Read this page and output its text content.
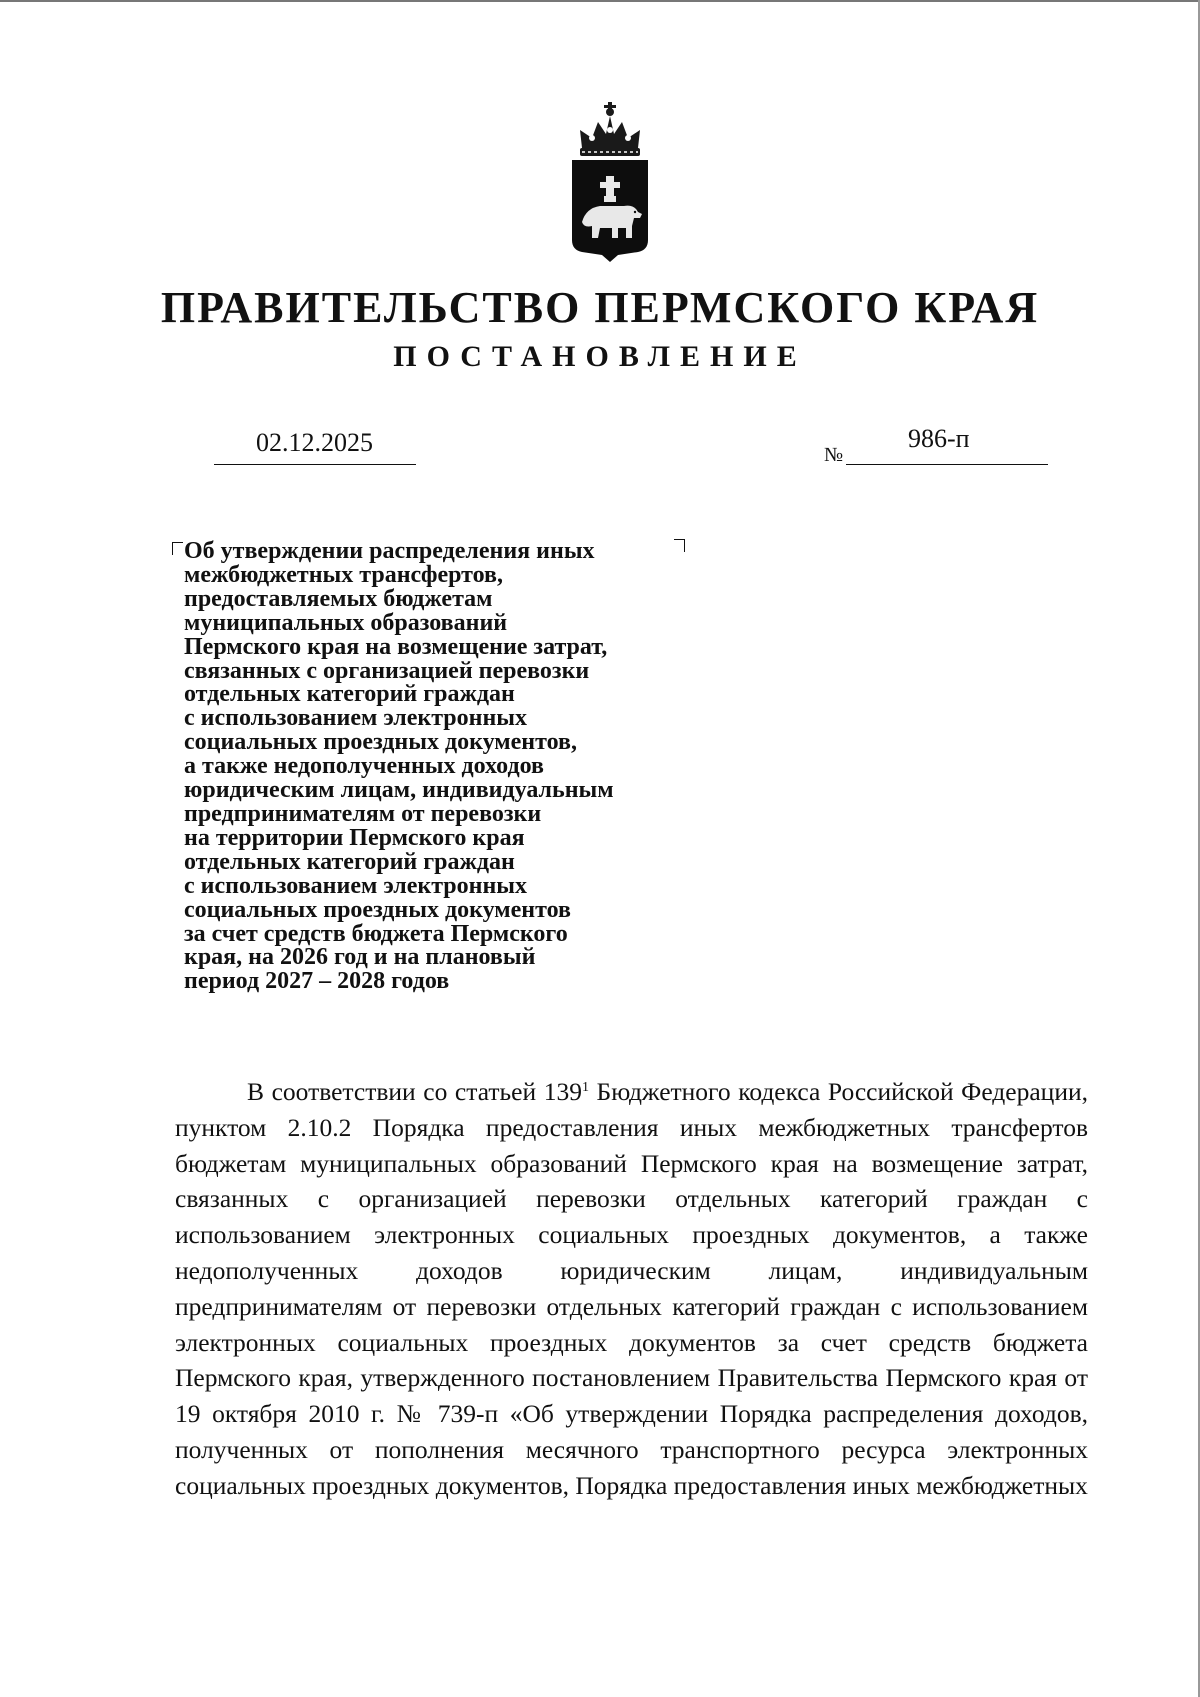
ПРАВИТЕЛЬСТВО ПЕРМСКОГО КРАЯ
ПОСТАНОВЛЕНИЕ
02.12.2025	№
986-п
Об утверждении распределения иных
межбюджетных трансфертов,
предоставляемых бюджетам
муниципальных образований
Пермского края на возмещение затрат,
связанных с организацией перевозки
отдельных категорий граждан
с использованием электронных
социальных проездных документов,
а также недополученных доходов
юридическим лицам, индивидуальным
предпринимателям от перевозки
на территории Пермского края
отдельных категорий граждан
с использованием электронных
социальных проездных документов
за счет средств бюджета Пермского
края, на 2026 год и на плановый
период 2027 – 2028 годов

В соответствии со статьей $139^1$ Бюджетного кодекса Российской Федерации, пунктом 2.10.2 Порядка предоставления иных межбюджетных трансфертов бюджетам муниципальных образований Пермского края на возмещение затрат, связанных с организацией перевозки отдельных категорий граждан с использованием электронных социальных проездных документов, а также недополученных доходов юридическим лицам, индивидуальным предпринимателям от перевозки отдельных категорий граждан с использованием электронных социальных проездных документов за счет средств бюджета Пермского края, утвержденного постановлением Правительства Пермского края от 19 октября 2010 г. № 739-п «Об утверждении Порядка распределения доходов, полученных от пополнения месячного транспортного ресурса электронных социальных проездных документов, Порядка предоставления иных межбюджетных
